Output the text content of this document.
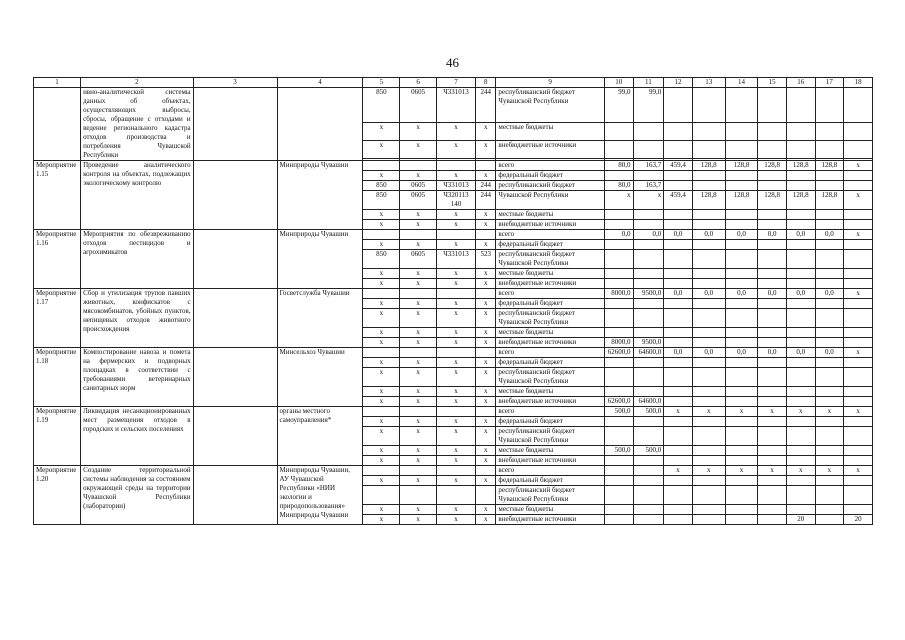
46
1	2	3	4	5	6	7	8	9	10	11	12	13	14	15	16	17	18
	ивно-аналитической системы данных об объектах, осуществляющих выбросы, сбросы, обращение с отходами и ведение регионального кадастра отходов производства и потребления Чувашской Республики			850	0605	Ч331013	244	республиканский бюджет Чувашской Республики	99,0	99,0							
				x	x	x	x	местные бюджеты									
				x	x	x	x	внебюджетные источники									

Мероприятие 1.15	Проведение аналитического контроля на объектах, подлежащих экологическому контролю		Минприроды Чувашии					всего	80,0	163,7	459,4	128,8	128,8	128,8	128,8	128,8	x
				x	x	x	x	федеральный бюджет									
				850	0605	Ч331013	244	республиканский бюджет	80,0	163,7							
				850	0605	Ч320113 140	244	Чувашской Республики	x	x	459,4	128,8	128,8	128,8	128,8	128,8	x
				x	x	x	x	местные бюджеты									
				x	x	x	x	внебюджетные источники									
Мероприятие 1.16	Мероприятия по обезвреживанию отходов пестицидов и агрохимикатов		Минприроды Чувашии					всего	0,0	0,0	0,0	0,0	0,0	0,0	0,0	0,0	x
				x	x	x	x	федеральный бюджет									
				850	0605	Ч331013	523	республиканский бюджет Чувашской Республики									
				x	x	x	x	местные бюджеты									
				x	x	x	x	внебюджетные источники									
Мероприятие 1.17	Сбор и утилизация трупов павших животных, конфискатов с мясокомбинатов, убойных пунктов, непищевых отходов животного происхождения		Госветслужба Чувашии					всего	8000,0	9500,0	0,0	0,0	0,0	0,0	0,0	0,0	x
				x	x	x	x	федеральный бюджет									
				x	x	x	x	республиканский бюджет Чувашской Республики									
				x	x	x	x	местные бюджеты									
				x	x	x	x	внебюджетные источники	8000,0	9500,0							
Мероприятие 1.18	Компостирование навоза и помета на фермерских и подворных площадках в соответствии с требованиями ветеринарных санитарных норм		Минсельхоз Чувашии					всего	62600,0	64600,0	0,0	0,0	0,0	0,0	0,0	0,0	x
				x	x	x	x	федеральный бюджет									
				x	x	x	x	республиканский бюджет Чувашской Республики									
				x	x	x	x	местные бюджеты									
				x	x	x	x	внебюджетные источники	62600,0	64600,0							
Мероприятие 1.19	Ликвидация несанкционированных мест размещения отходов в городских и сельских поселениях		органы местного самоуправления*					всего	500,0	500,0	x	x	x	x	x	x	x
				x	x	x	x	федеральный бюджет									
				x	x	x	x	республиканский бюджет Чувашской Республики									
				x	x	x	x	местные бюджеты	500,0	500,0							
				x	x	x	x	внебюджетные источники									
Мероприятие 1.20	Создание территориальной системы наблюдения за состоянием окружающей среды на территории Чувашской Республики (лаборатории)		Минприроды Чувашии, АУ Чувашской Республики «НИИ экологии и природопользования» Минприроды Чувашии					всего			x	x	x	x	x	x	x
				x	x	x	x	федеральный бюджет									
								республиканский бюджет Чувашской Республики									
				x	x	x	x	местные бюджеты									
				x	x	x	x	внебюджетные источники							20		20
